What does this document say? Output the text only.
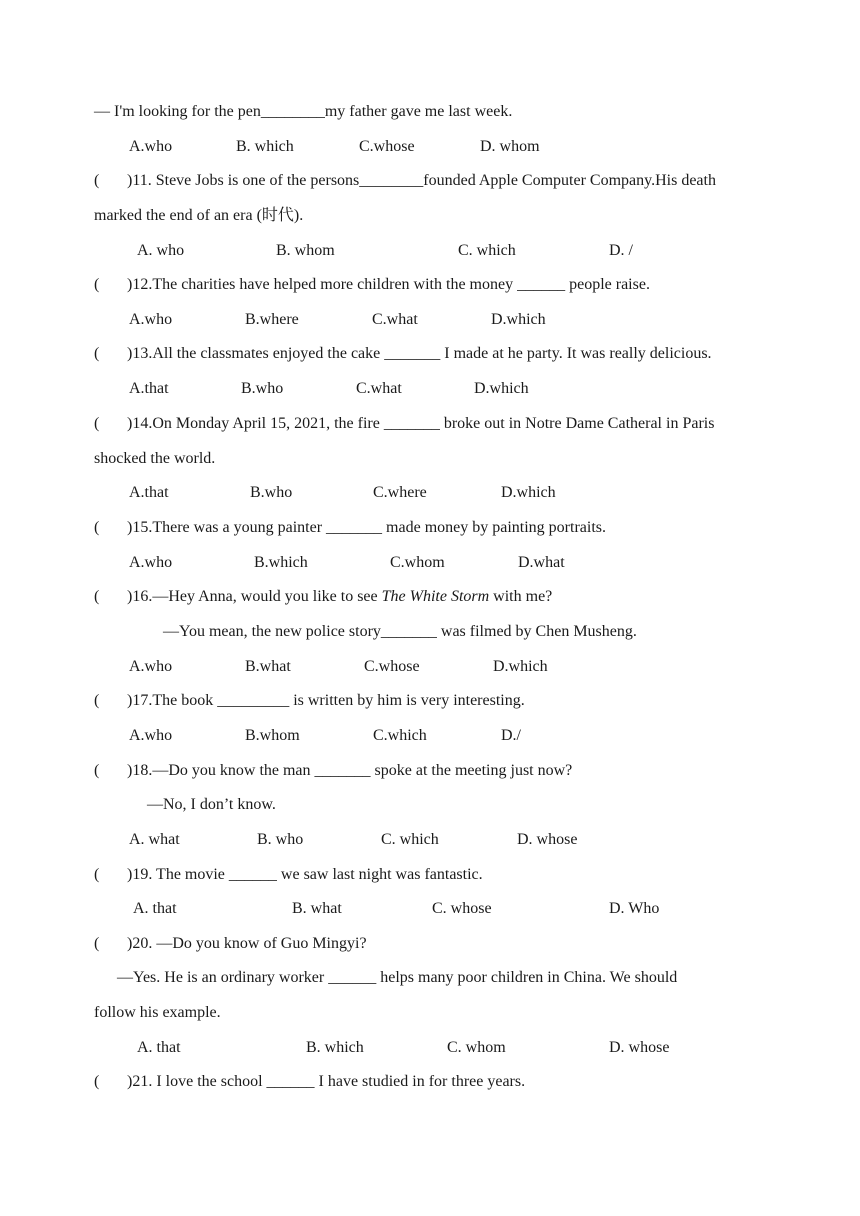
— I'm looking for the pen________my father gave me last week.
A.who	B. which	C.whose	D. whom
( )11. Steve Jobs is one of the persons________founded Apple Computer Company.His death
marked the end of an era (时代).
A. who	B. whom	C. which	D. /
( )12.The charities have helped more children with the money ______ people raise.
A.who	B.where	C.what	D.which
( )13.All the classmates enjoyed the cake _______ I made at he party. It was really delicious.
A.that	B.who	C.what	D.which
( )14.On Monday April 15, 2021, the fire _______ broke out in Notre Dame Catheral in Paris
shocked the world.
A.that	B.who	C.where	D.which
( )15.There was a young painter _______ made money by painting portraits.
A.who	B.which	C.whom	D.what
( )16.—Hey Anna, would you like to see The White Storm with me?
—You mean, the new police story_______ was filmed by Chen Musheng.
A.who	B.what	C.whose	D.which
( )17.The book _________ is written by him is very interesting.
A.who	B.whom	C.which	D./
( )18.—Do you know the man _______ spoke at the meeting just now?
—No, I don’t know.
A. what	B. who	C. which	D. whose
( )19. The movie ______ we saw last night was fantastic.
A. that	B. what	C. whose	D. Who
( )20. —Do you know of Guo Mingyi?
—Yes. He is an ordinary worker ______ helps many poor children in China. We should
follow his example.
A. that	B. which	C. whom	D. whose
( )21. I love the school ______ I have studied in for three years.
